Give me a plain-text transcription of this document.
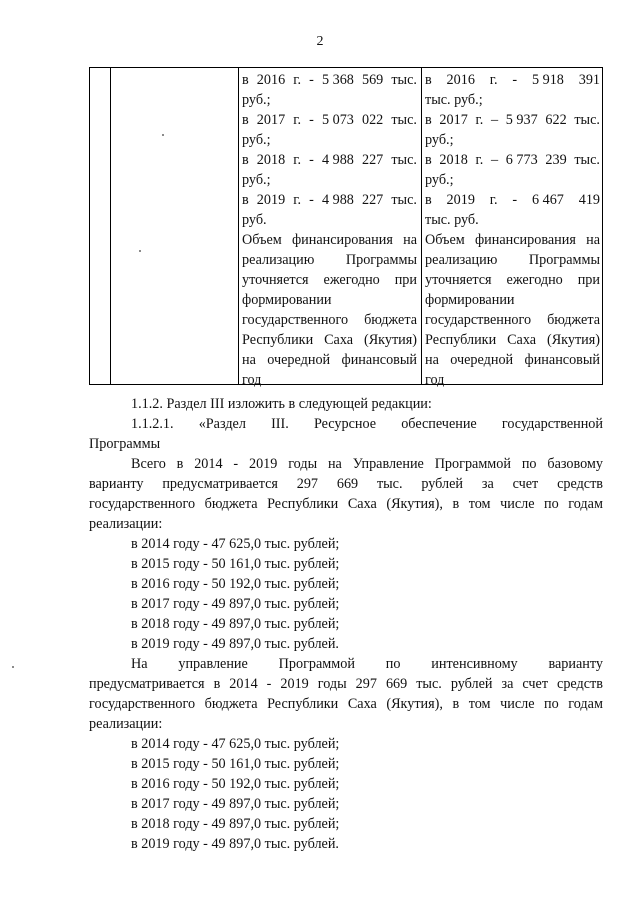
2
в 2016 г. - 5 368 569 тыс.
руб.;
в 2017 г. - 5 073 022 тыс.
руб.;
в 2018 г. - 4 988 227 тыс.
руб.;
в 2019 г. - 4 988 227 тыс.
руб.
Объем финансирования на
реализацию Программы
уточняется ежегодно при
формировании
государственного бюджета
Республики Саха (Якутия)
на очередной финансовый
год
в 2016 г. - 5 918 391
тыс. руб.;
в 2017 г. – 5 937 622 тыс.
руб.;
в 2018 г. – 6 773 239 тыс.
руб.;
в 2019 г. - 6 467 419
тыс. руб.
Объем финансирования на
реализацию Программы
уточняется ежегодно при
формировании
государственного бюджета
Республики Саха (Якутия)
на очередной финансовый
год
1.1.2. Раздел III изложить в следующей редакции:
1.1.2.1. «Раздел III. Ресурсное обеспечение государственной
Программы
Всего в 2014 - 2019 годы на Управление Программой по базовому
варианту предусматривается 297 669 тыс. рублей за счет средств
государственного бюджета Республики Саха (Якутия), в том числе по годам
реализации:
в 2014 году - 47 625,0 тыс. рублей;
в 2015 году - 50 161,0 тыс. рублей;
в 2016 году - 50 192,0 тыс. рублей;
в 2017 году - 49 897,0 тыс. рублей;
в 2018 году - 49 897,0 тыс. рублей;
в 2019 году - 49 897,0 тыс. рублей.
На управление Программой по интенсивному варианту
предусматривается в 2014 - 2019 годы 297 669 тыс. рублей за счет средств
государственного бюджета Республики Саха (Якутия), в том числе по годам
реализации:
в 2014 году - 47 625,0 тыс. рублей;
в 2015 году - 50 161,0 тыс. рублей;
в 2016 году - 50 192,0 тыс. рублей;
в 2017 году - 49 897,0 тыс. рублей;
в 2018 году - 49 897,0 тыс. рублей;
в 2019 году - 49 897,0 тыс. рублей.
